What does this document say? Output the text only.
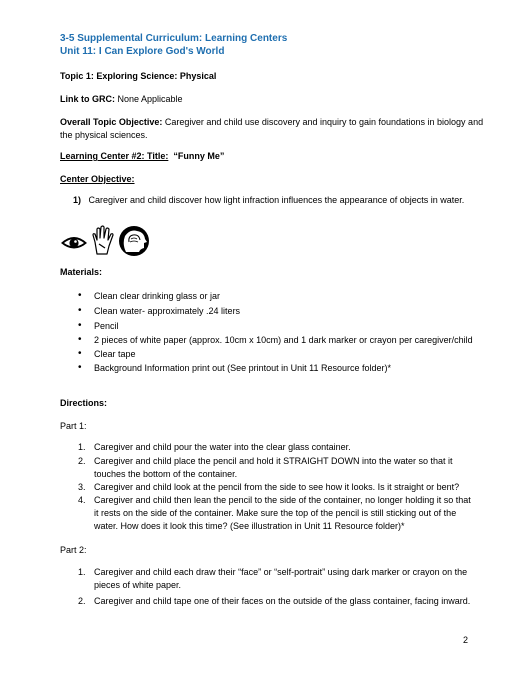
3-5 Supplemental Curriculum: Learning Centers
Unit 11: I Can Explore God's World
Topic 1: Exploring Science: Physical
Link to GRC: None Applicable
Overall Topic Objective: Caregiver and child use discovery and inquiry to gain foundations in biology and
the physical sciences.
Learning Center #2: Title: “Funny Me”
Center Objective:
1) Caregiver and child discover how light infraction influences the appearance of objects in water.
Materials:
• Clean clear drinking glass or jar
• Clean water- approximately .24 liters
• Pencil
• 2 pieces of white paper (approx. 10cm x 10cm) and 1 dark marker or crayon per caregiver/child
• Clear tape
• Background Information print out (See printout in Unit 11 Resource folder)*
Directions:
Part 1:
1. Caregiver and child pour the water into the clear glass container.
2. Caregiver and child place the pencil and hold it STRAIGHT DOWN into the water so that it
touches the bottom of the container.
3. Caregiver and child look at the pencil from the side to see how it looks. Is it straight or bent?
4. Caregiver and child then lean the pencil to the side of the container, no longer holding it so that
it rests on the side of the container. Make sure the top of the pencil is still sticking out of the
water. How does it look this time? (See illustration in Unit 11 Resource folder)*
Part 2:
1. Caregiver and child each draw their “face” or “self-portrait” using dark marker or crayon on the
pieces of white paper.
2. Caregiver and child tape one of their faces on the outside of the glass container, facing inward.
2
